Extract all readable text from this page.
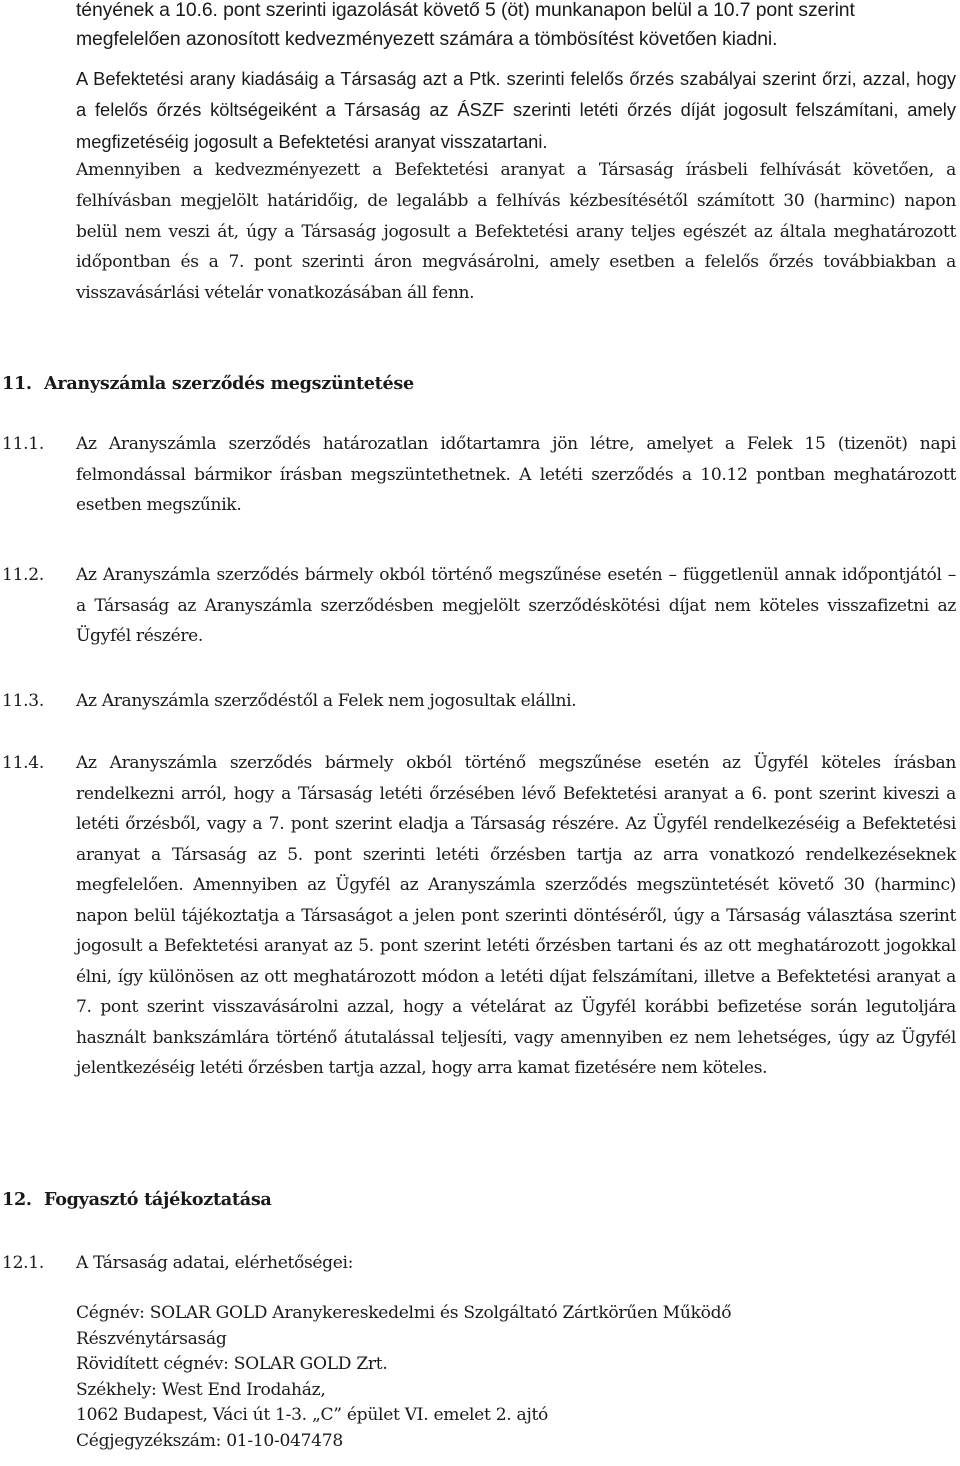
tényének a 10.6. pont szerinti igazolását követő 5 (öt) munkanapon belül a 10.7 pont szerint megfelelően azonosított kedvezményezett számára a tömbösítést követően kiadni.

A Befektetési arany kiadásáig a Társaság azt a Ptk. szerinti felelős őrzés szabályai szerint őrzi, azzal, hogy a felelős őrzés költségeiként a Társaság az ÁSZF szerinti letéti őrzés díját jogosult felszámítani, amely megfizetéséig jogosult a Befektetési aranyat visszatartani.

Amennyiben a kedvezményezett a Befektetési aranyat a Társaság írásbeli felhívását követően, a felhívásban megjelölt határidőig, de legalább a felhívás kézbesítésétől számított 30 (harminc) napon belül nem veszi át, úgy a Társaság jogosult a Befektetési arany teljes egészét az általa meghatározott időpontban és a 7. pont szerinti áron megvásárolni, amely esetben a felelős őrzés továbbiakban a visszavásárlási vételár vonatkozásában áll fenn.

11. Aranyszámla szerződés megszüntetése
11.1.	Az Aranyszámla szerződés határozatlan időtartamra jön létre, amelyet a Felek 15 (tizenöt) napi felmondással bármikor írásban megszüntethetnek. A letéti szerződés a 10.12 pontban meghatározott esetben megszűnik.
11.2.	Az Aranyszámla szerződés bármely okból történő megszűnése esetén – függetlenül annak időpontjától – a Társaság az Aranyszámla szerződésben megjelölt szerződéskötési díjat nem köteles visszafizetni az Ügyfél részére.
11.3.	Az Aranyszámla szerződéstől a Felek nem jogosultak elállni.
11.4.	Az Aranyszámla szerződés bármely okból történő megszűnése esetén az Ügyfél köteles írásban rendelkezni arról, hogy a Társaság letéti őrzésében lévő Befektetési aranyat a 6. pont szerint kiveszi a letéti őrzésből, vagy a 7. pont szerint eladja a Társaság részére. Az Ügyfél rendelkezéséig a Befektetési aranyat a Társaság az 5. pont szerinti letéti őrzésben tartja az arra vonatkozó rendelkezéseknek megfelelően. Amennyiben az Ügyfél az Aranyszámla szerződés megszüntetését követő 30 (harminc) napon belül tájékoztatja a Társaságot a jelen pont szerinti döntéséről, úgy a Társaság választása szerint jogosult a Befektetési aranyat az 5. pont szerint letéti őrzésben tartani és az ott meghatározott jogokkal élni, így különösen az ott meghatározott módon a letéti díjat felszámítani, illetve a Befektetési aranyat a 7. pont szerint visszavásárolni azzal, hogy a vételárat az Ügyfél korábbi befizetése során legutoljára használt bankszámlára történő átutalással teljesíti, vagy amennyiben ez nem lehetséges, úgy az Ügyfél jelentkezéséig letéti őrzésben tartja azzal, hogy arra kamat fizetésére nem köteles.
12. Fogyasztó tájékoztatása
12.1.	A Társaság adatai, elérhetőségei:
Cégnév: SOLAR GOLD Aranykereskedelmi és Szolgáltató Zártkörűen Működő
Részvénytársaság
Rövidített cégnév: SOLAR GOLD Zrt.
Székhely: West End Irodaház,
1062 Budapest, Váci út 1-3. „C” épület VI. emelet 2. ajtó
Cégjegyzékszám: 01-10-047478
